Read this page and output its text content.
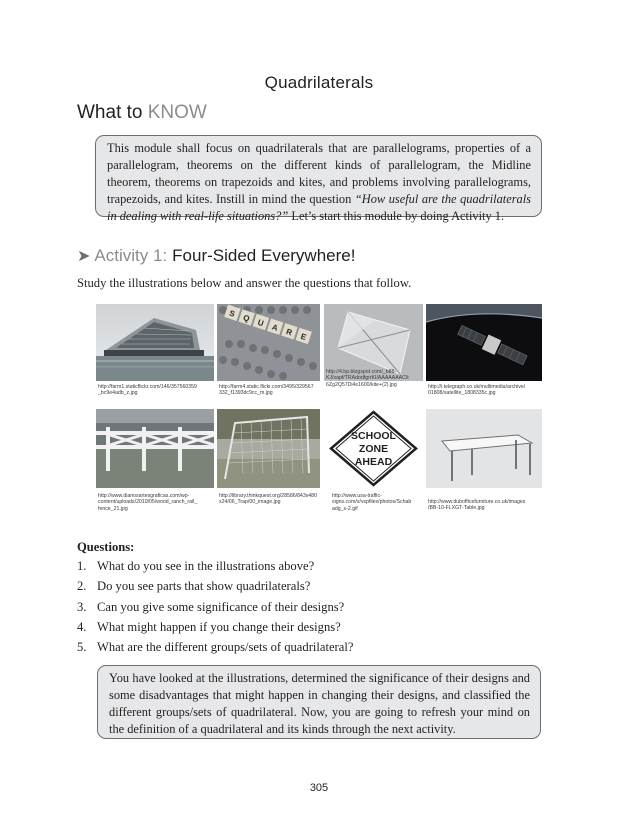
Quadrilaterals
What to KNOW
This module shall focus on quadrilaterals that are parallelograms, properties of a parallelogram, theorems on the different kinds of parallelogram, the Midline theorem, theorems on trapezoids and kites, and problems involving parallelograms, trapezoids, and kites. Instill in mind the question “How useful are the quadrilaterals in dealing with real-life situations?” Let’s start this module by doing Activity 1.
➤ Activity 1: Four-Sided Everywhere!
Study the illustrations below and answer the questions that follow.
http://farm1.staticflickr.com/146/357560359
_bc9e4adb_z.jpg
S Q U A R E
http://farm4.static.flickr.com/3495/329567
332_f1393dc9cc_m.jpg
http://4.bp.blogspot.com/_b88-
KJ/xapf/TRAdodfgrrKI/AAAAAAACIt
6Zg2Q57Di4s1600/kite+(2).jpg	http://i.telegraph.co.uk/multimedia/archive/
01808/satellite_1808335c.jpg
http://www.diariosartesgraficas.com/wp-
content/uploads/2010/05/wood_ranch_rail_
fence_21.jpg
http://library.thinkquest.org/28586/843x480
x24/06_Trap/00_image.jpg
SCHOOL
ZONE
AHEAD
http://www.usa-traffic-
signs.com/v/vspfiles/photos/Schab
adg_s-2.gif
http://www.dubofficefurniture.co.uk/images
/BB-10-FLXGT-Table.jpg
Questions:
1. What do you see in the illustrations above?
2. Do you see parts that show quadrilaterals?
3. Can you give some significance of their designs?
4. What might happen if you change their designs?
5. What are the different groups/sets of quadrilateral?
You have looked at the illustrations, determined the significance of their designs and some disadvantages that might happen in changing their designs, and classified the different groups/sets of quadrilateral. Now, you are going to refresh your mind on the definition of a quadrilateral and its kinds through the next activity.
305
